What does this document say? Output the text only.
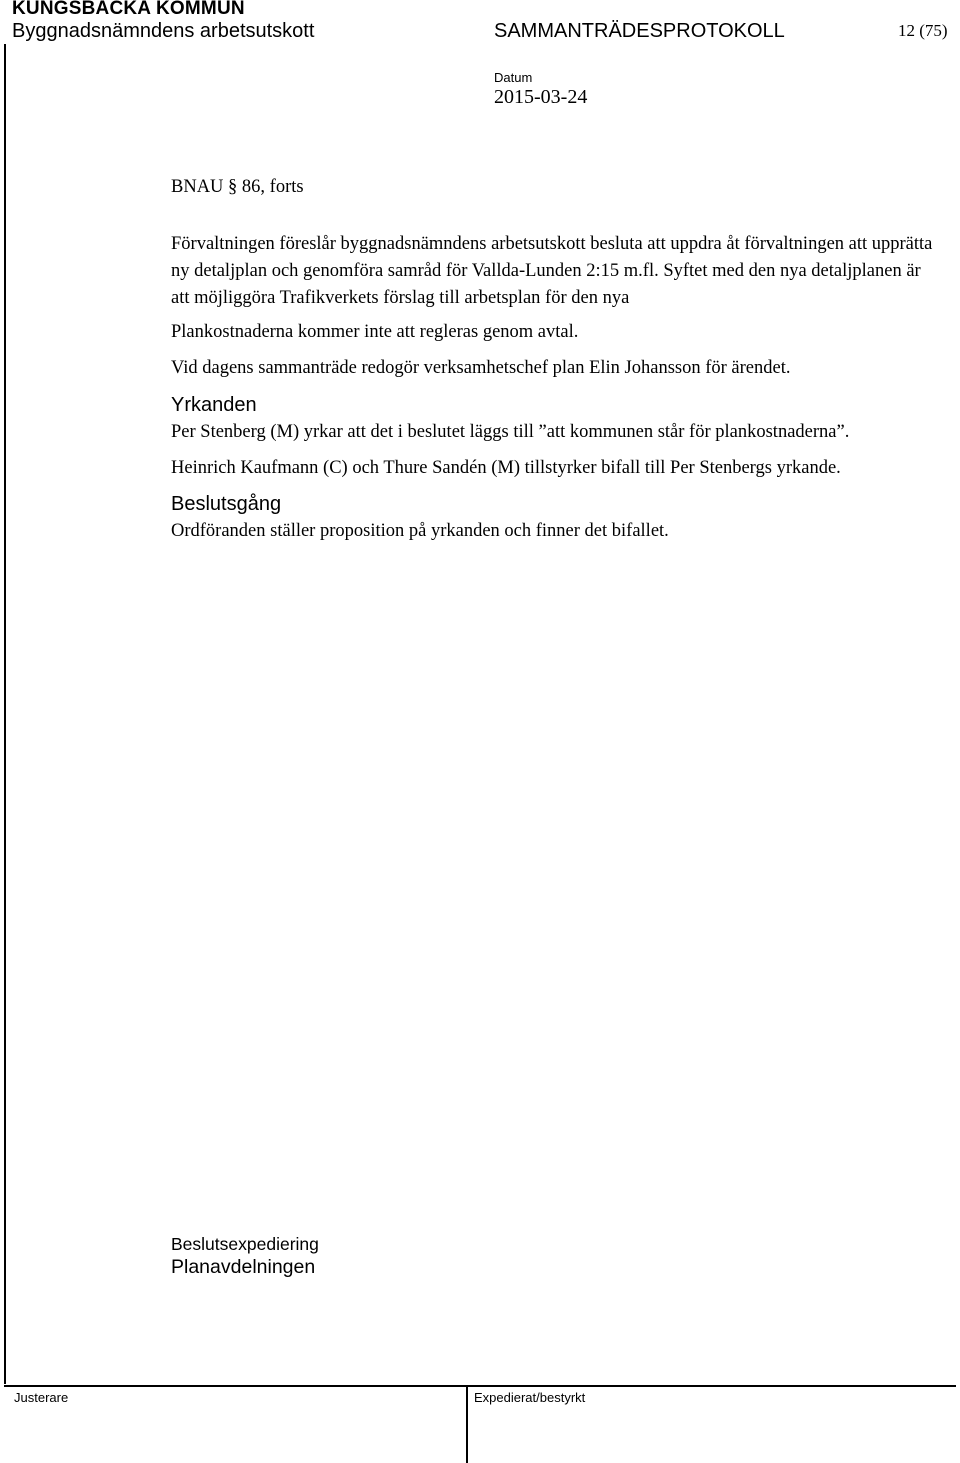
KUNGSBACKA KOMMUN
Byggnadsnämndens arbetsutskott	SAMMANTRÄDESPROTOKOLL	12 (75)
Datum
2015-03-24

BNAU § 86, forts

Förvaltningen föreslår byggnadsnämndens arbetsutskott besluta att uppdra åt förvaltningen att upprätta ny detaljplan och genomföra samråd för Vallda-Lunden 2:15 m.fl. Syftet med den nya detaljplanen är att möjliggöra Trafikverkets förslag till arbetsplan för den nya

Plankostnaderna kommer inte att regleras genom avtal.

Vid dagens sammanträde redogör verksamhetschef plan Elin Johansson för ärendet.

Yrkanden

Per Stenberg (M) yrkar att det i beslutet läggs till ”att kommunen står för plankostnaderna”.

Heinrich Kaufmann (C) och Thure Sandén (M) tillstyrker bifall till Per Stenbergs yrkande.

Beslutsgång

Ordföranden ställer proposition på yrkanden och finner det bifallet.

Beslutsexpediering
Planavdelningen
Justerare	Expedierat/bestyrkt
